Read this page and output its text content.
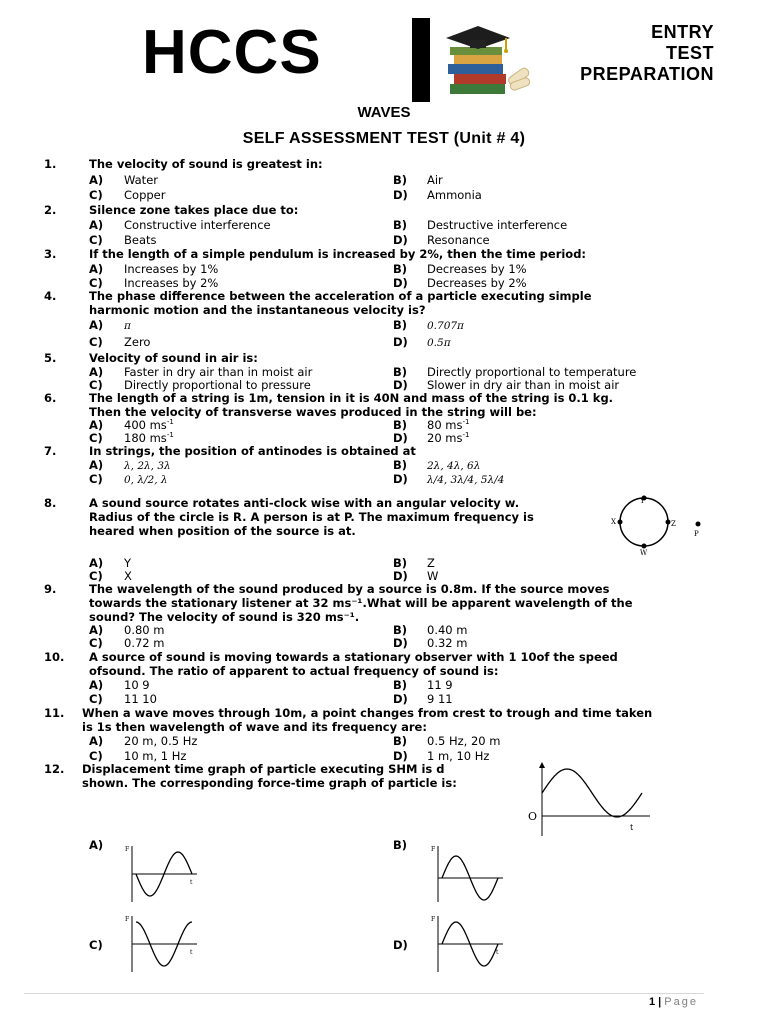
HCCS	ENTRY
TEST
PREPARATION
WAVES
SELF ASSESSMENT TEST (Unit # 4)
1.	The velocity of sound is greatest in:
A) Water	B) Air
C) Copper	D) Ammonia
2.	Silence zone takes place due to:
A) Constructive interference	B) Destructive interference
C) Beats	D) Resonance
3.	If the length of a simple pendulum is increased by 2%, then the time period:
A) Increases by 1%	B) Decreases by 1%
C) Increases by 2%	D) Decreases by 2%
4.	The phase difference between the acceleration of a particle executing simple
harmonic motion and the instantaneous velocity is?
A) π	B) 0.707π
C) Zero	D) 0.5π
5.	Velocity of sound in air is:
A) Faster in dry air than in moist air	B) Directly proportional to temperature
C) Directly proportional to pressure	D) Slower in dry air than in moist air
6.	The length of a string is 1m, tension in it is 40N and mass of the string is 0.1 kg.
Then the velocity of transverse waves produced in the string will be:
A) 400 $ms^{-1}$	B) 80 $ms^{-1}$
C) 180 $ms^{-1}$	D) 20 $ms^{-1}$
7.	In strings, the position of antinodes is obtained at
A) λ, 2λ, 3λ	B) 2λ, 4λ, 6λ
C) 0, λ/2, λ	D) λ/4, 3λ/4, 5λ/4
8.	A sound source rotates anti-clock wise with an angular velocity w.
Radius of the circle is R. A person is at P. The maximum frequency is
heared when position of the source is at.
A) Y	B) Z
C) X	D) W
9.	The wavelength of the sound produced by a source is 0.8m. If the source moves
towards the stationary listener at 32 ms⁻¹.What will be apparent wavelength of the
sound? The velocity of sound is 320 ms⁻¹.
A) 0.80 m	B) 0.40 m
C) 0.72 m	D) 0.32 m
10. A source of sound is moving towards a stationary observer with 1 10of the speed
ofsound. The ratio of apparent to actual frequency of sound is:
A) 10 9	B) 11 9
C) 11 10	D) 9 11
11. When a wave moves through 10m, a point changes from crest to trough and time taken
is 1s then wavelength of wave and its frequency are:
A) 20 m, 0.5 Hz	B) 0.5 Hz, 20 m
C) 10 m, 1 Hz	D) 1 m, 10 Hz
12. Displacement time graph of particle executing SHM is d
shown. The corresponding force-time graph of particle is:
A)	B)
C)	D)
Y
X	Z
W
P
O
t
F
t
F
F
t
F
t
1 | Page
